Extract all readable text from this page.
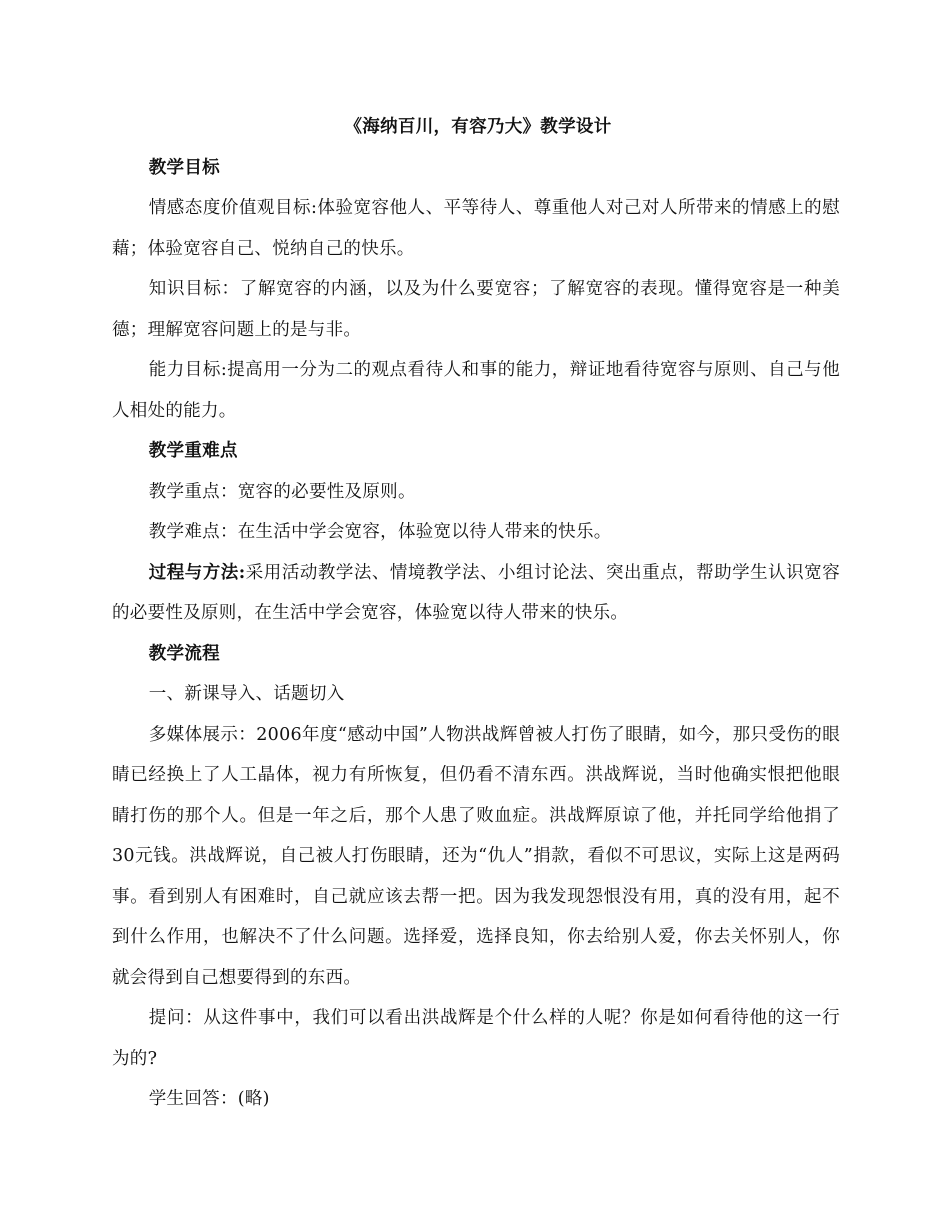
《海纳百川，有容乃大》教学设计

教学目标

情感态度价值观目标:体验宽容他人、平等待人、尊重他人对己对人所带来的情感上的慰藉；体验宽容自己、悦纳自己的快乐。

知识目标：了解宽容的内涵，以及为什么要宽容；了解宽容的表现。懂得宽容是一种美德；理解宽容问题上的是与非。

能力目标:提高用一分为二的观点看待人和事的能力，辩证地看待宽容与原则、自己与他人相处的能力。

教学重难点

教学重点：宽容的必要性及原则。

教学难点：在生活中学会宽容，体验宽以待人带来的快乐。

过程与方法:采用活动教学法、情境教学法、小组讨论法、突出重点，帮助学生认识宽容的必要性及原则，在生活中学会宽容，体验宽以待人带来的快乐。

教学流程

一、新课导入、话题切入

多媒体展示：2006年度“感动中国”人物洪战辉曾被人打伤了眼睛，如今，那只受伤的眼睛已经换上了人工晶体，视力有所恢复，但仍看不清东西。洪战辉说，当时他确实恨把他眼睛打伤的那个人。但是一年之后，那个人患了败血症。洪战辉原谅了他，并托同学给他捐了30元钱。洪战辉说，自己被人打伤眼睛，还为“仇人”捐款，看似不可思议，实际上这是两码事。看到别人有困难时，自己就应该去帮一把。因为我发现怨恨没有用，真的没有用，起不到什么作用，也解决不了什么问题。选择爱，选择良知，你去给别人爱，你去关怀别人，你就会得到自己想要得到的东西。

提问：从这件事中，我们可以看出洪战辉是个什么样的人呢？你是如何看待他的这一行为的?

学生回答：(略)
